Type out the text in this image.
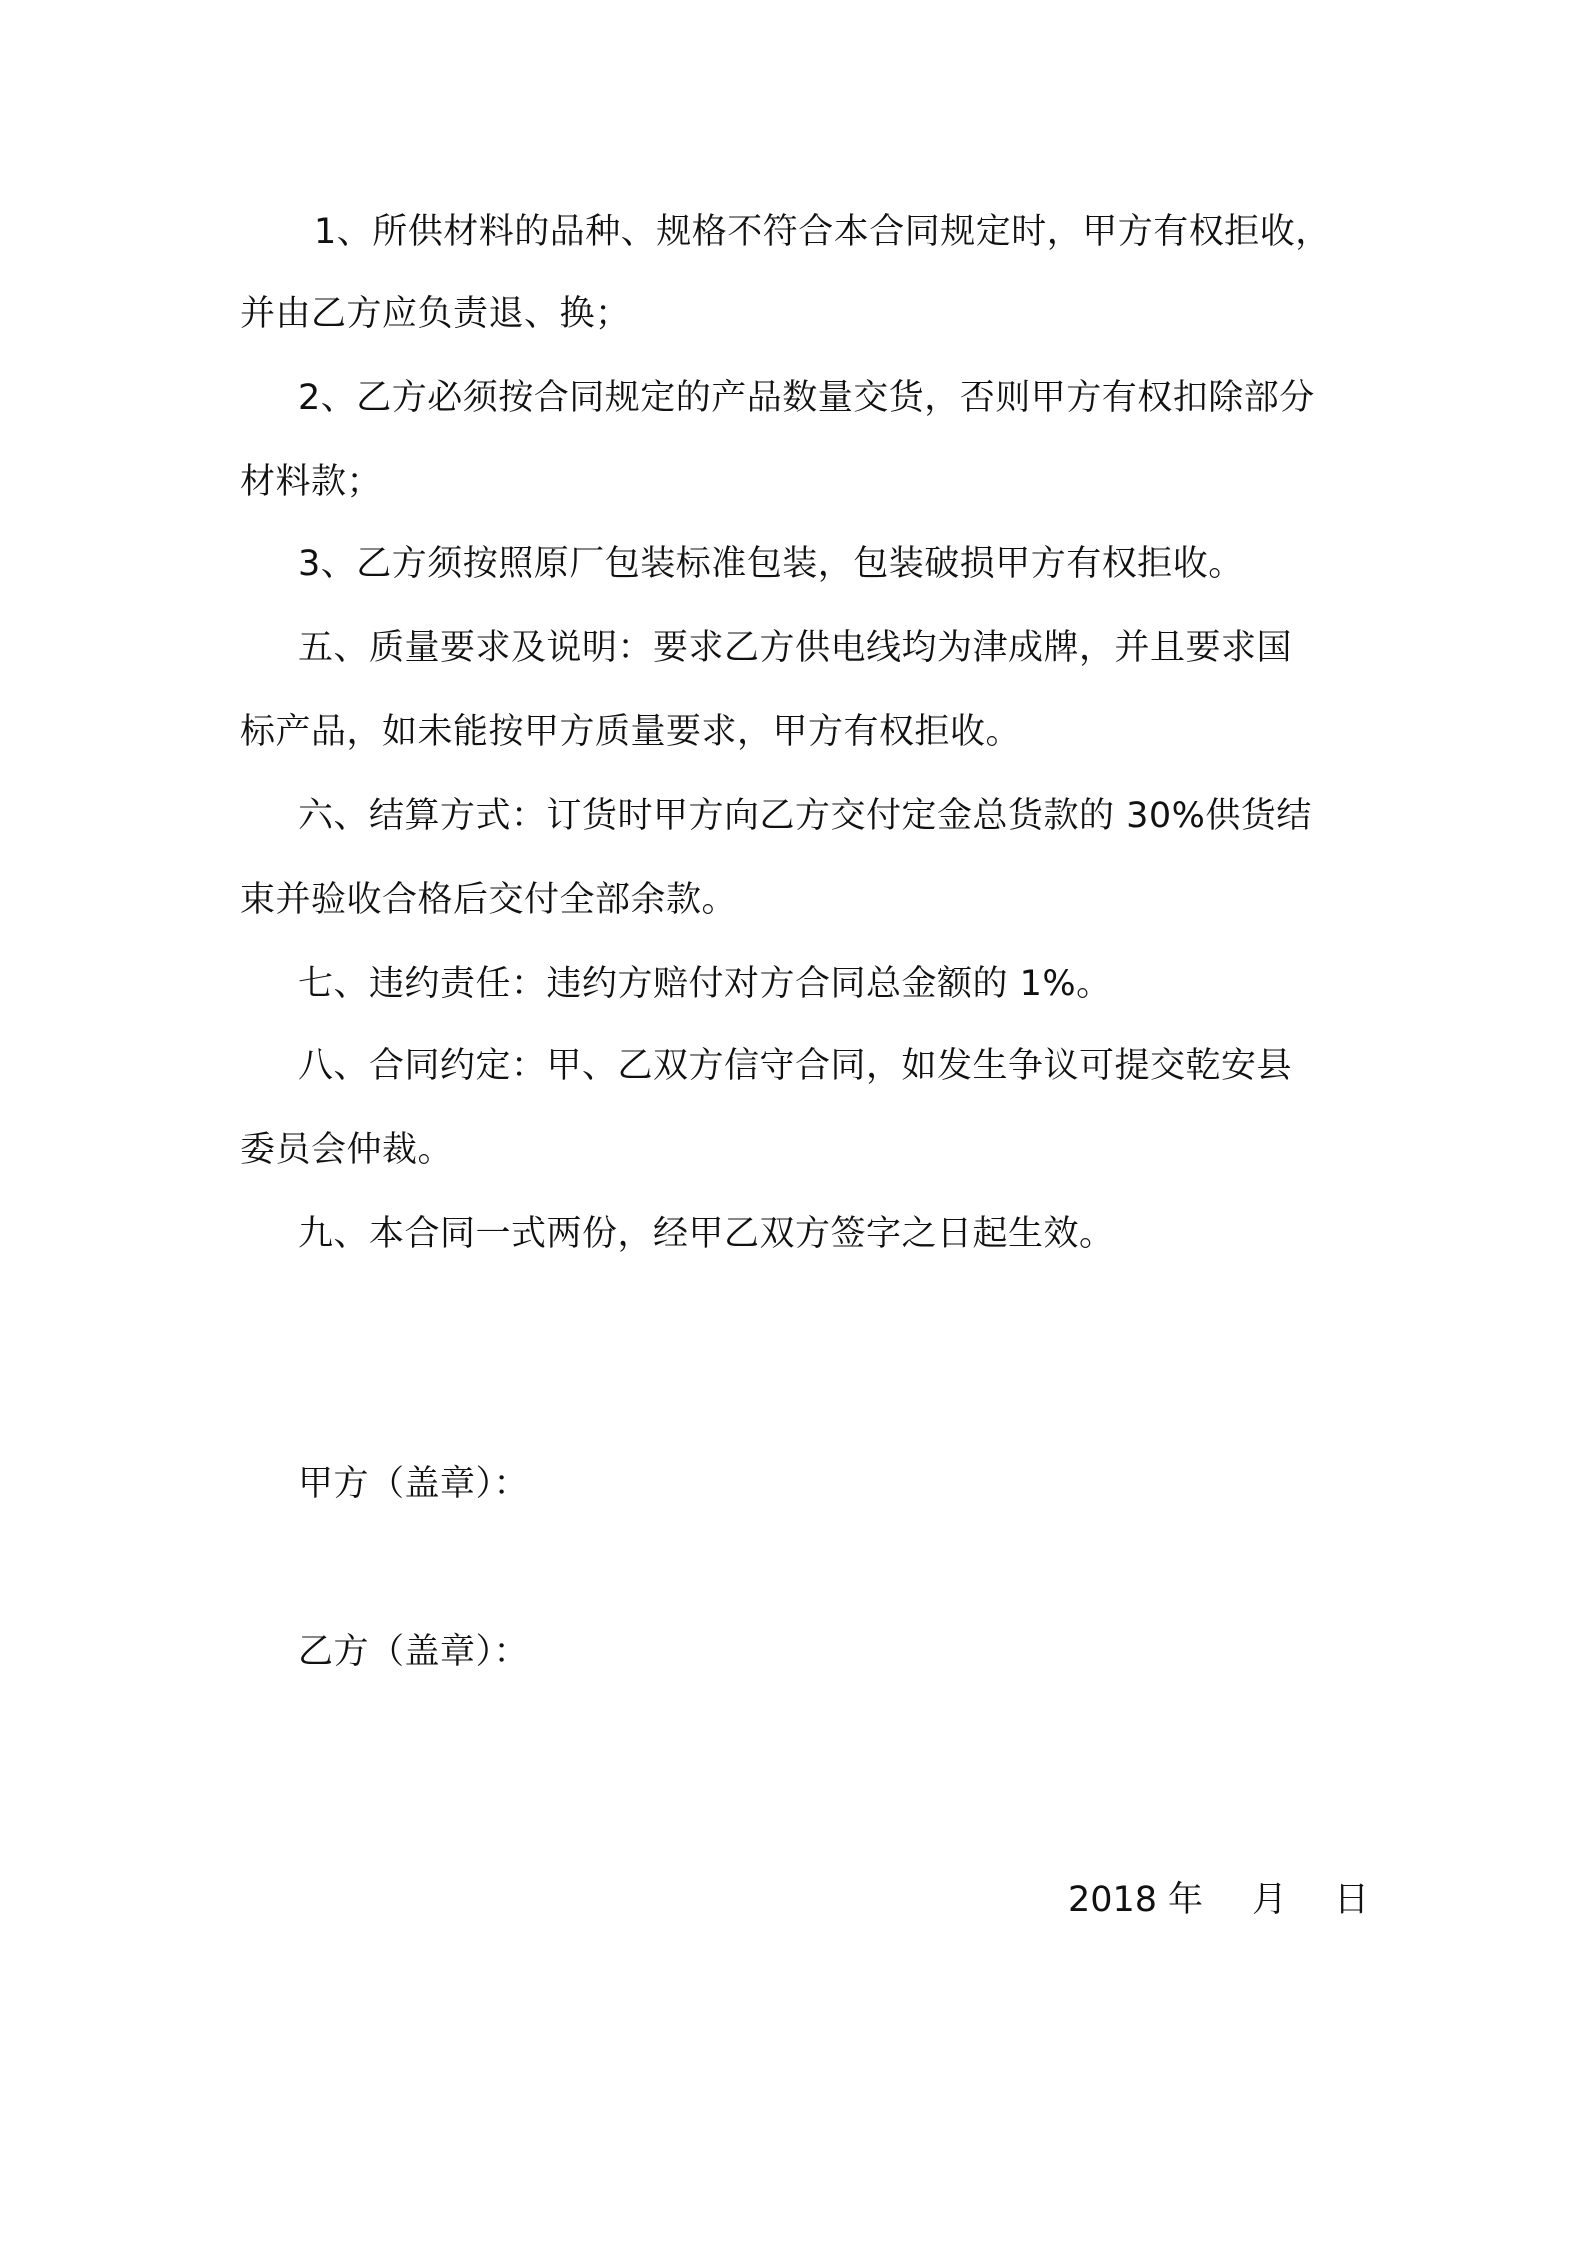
1、所供材料的品种、规格不符合本合同规定时，甲方有权拒收，
并由乙方应负责退、换；
2、乙方必须按合同规定的产品数量交货，否则甲方有权扣除部分
材料款；
3、乙方须按照原厂包装标准包装，包装破损甲方有权拒收。
五、质量要求及说明：要求乙方供电线均为津成牌，并且要求国
标产品，如未能按甲方质量要求，甲方有权拒收。
六、结算方式：订货时甲方向乙方交付定金总货款的 30%供货结
束并验收合格后交付全部余款。
七、违约责任：违约方赔付对方合同总金额的 1%。
八、合同约定：甲、乙双方信守合同，如发生争议可提交乾安县
委员会仲裁。
九、本合同一式两份，经甲乙双方签字之日起生效。
甲方（盖章）：
乙方（盖章）：
2018 年 月 日
